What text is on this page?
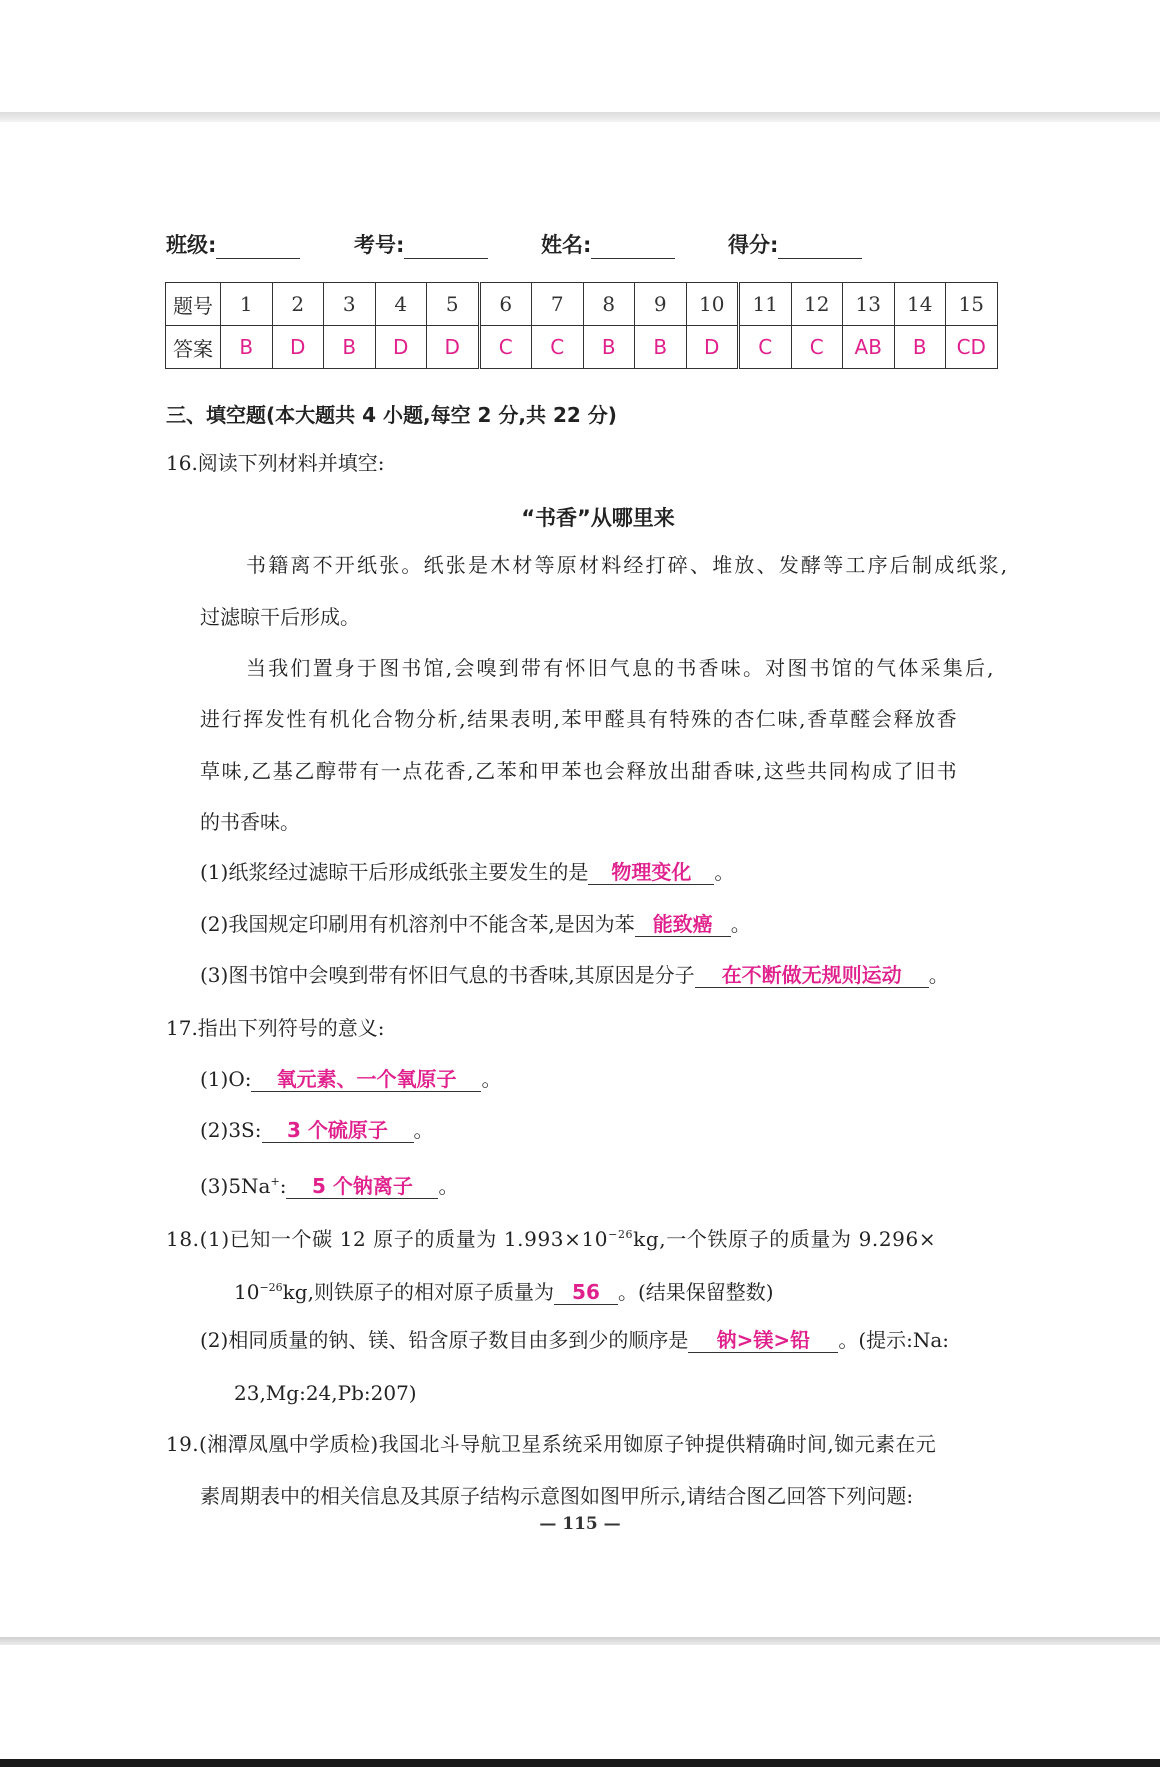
班级:	考号:	姓名:	得分:
题号	1	2	3	4	5	6	7	8	9	10	11	12	13	14	15
答案	B	D	B	D	D	C	C	B	B	D	C	C	AB	B	CD
三、填空题(本大题共 4 小题,每空 2 分,共 22 分)
16.阅读下列材料并填空:
“书香”从哪里来
书籍离不开纸张。纸张是木材等原材料经打碎、堆放、发酵等工序后制成纸浆,
过滤晾干后形成。
当我们置身于图书馆,会嗅到带有怀旧气息的书香味。对图书馆的气体采集后,
进行挥发性有机化合物分析,结果表明,苯甲醛具有特殊的杏仁味,香草醛会释放香
草味,乙基乙醇带有一点花香,乙苯和甲苯也会释放出甜香味,这些共同构成了旧书
的书香味。
(1)纸浆经过滤晾干后形成纸张主要发生的是 物理变化 。
(2)我国规定印刷用有机溶剂中不能含苯,是因为苯 能致癌 。
(3)图书馆中会嗅到带有怀旧气息的书香味,其原因是分子 在不断做无规则运动 。
17.指出下列符号的意义:
(1)O: 氧元素、一个氧原子 。
(2)3S: 3 个硫原子 。
(3)5Na+: 5 个钠离子 。
18.(1)已知一个碳 12 原子的质量为 $1.993\times 10^{-26}kg$,一个铁原子的质量为 9.296×
$10^{-26}kg$,则铁原子的相对原子质量为 56 。(结果保留整数)
(2)相同质量的钠、镁、铅含原子数目由多到少的顺序是 钠>镁>铅 。(提示:Na:
23,Mg:24,Pb:207)
19.(湘潭凤凰中学质检)我国北斗导航卫星系统采用铷原子钟提供精确时间,铷元素在元
素周期表中的相关信息及其原子结构示意图如图甲所示,请结合图乙回答下列问题:
— 115 —
